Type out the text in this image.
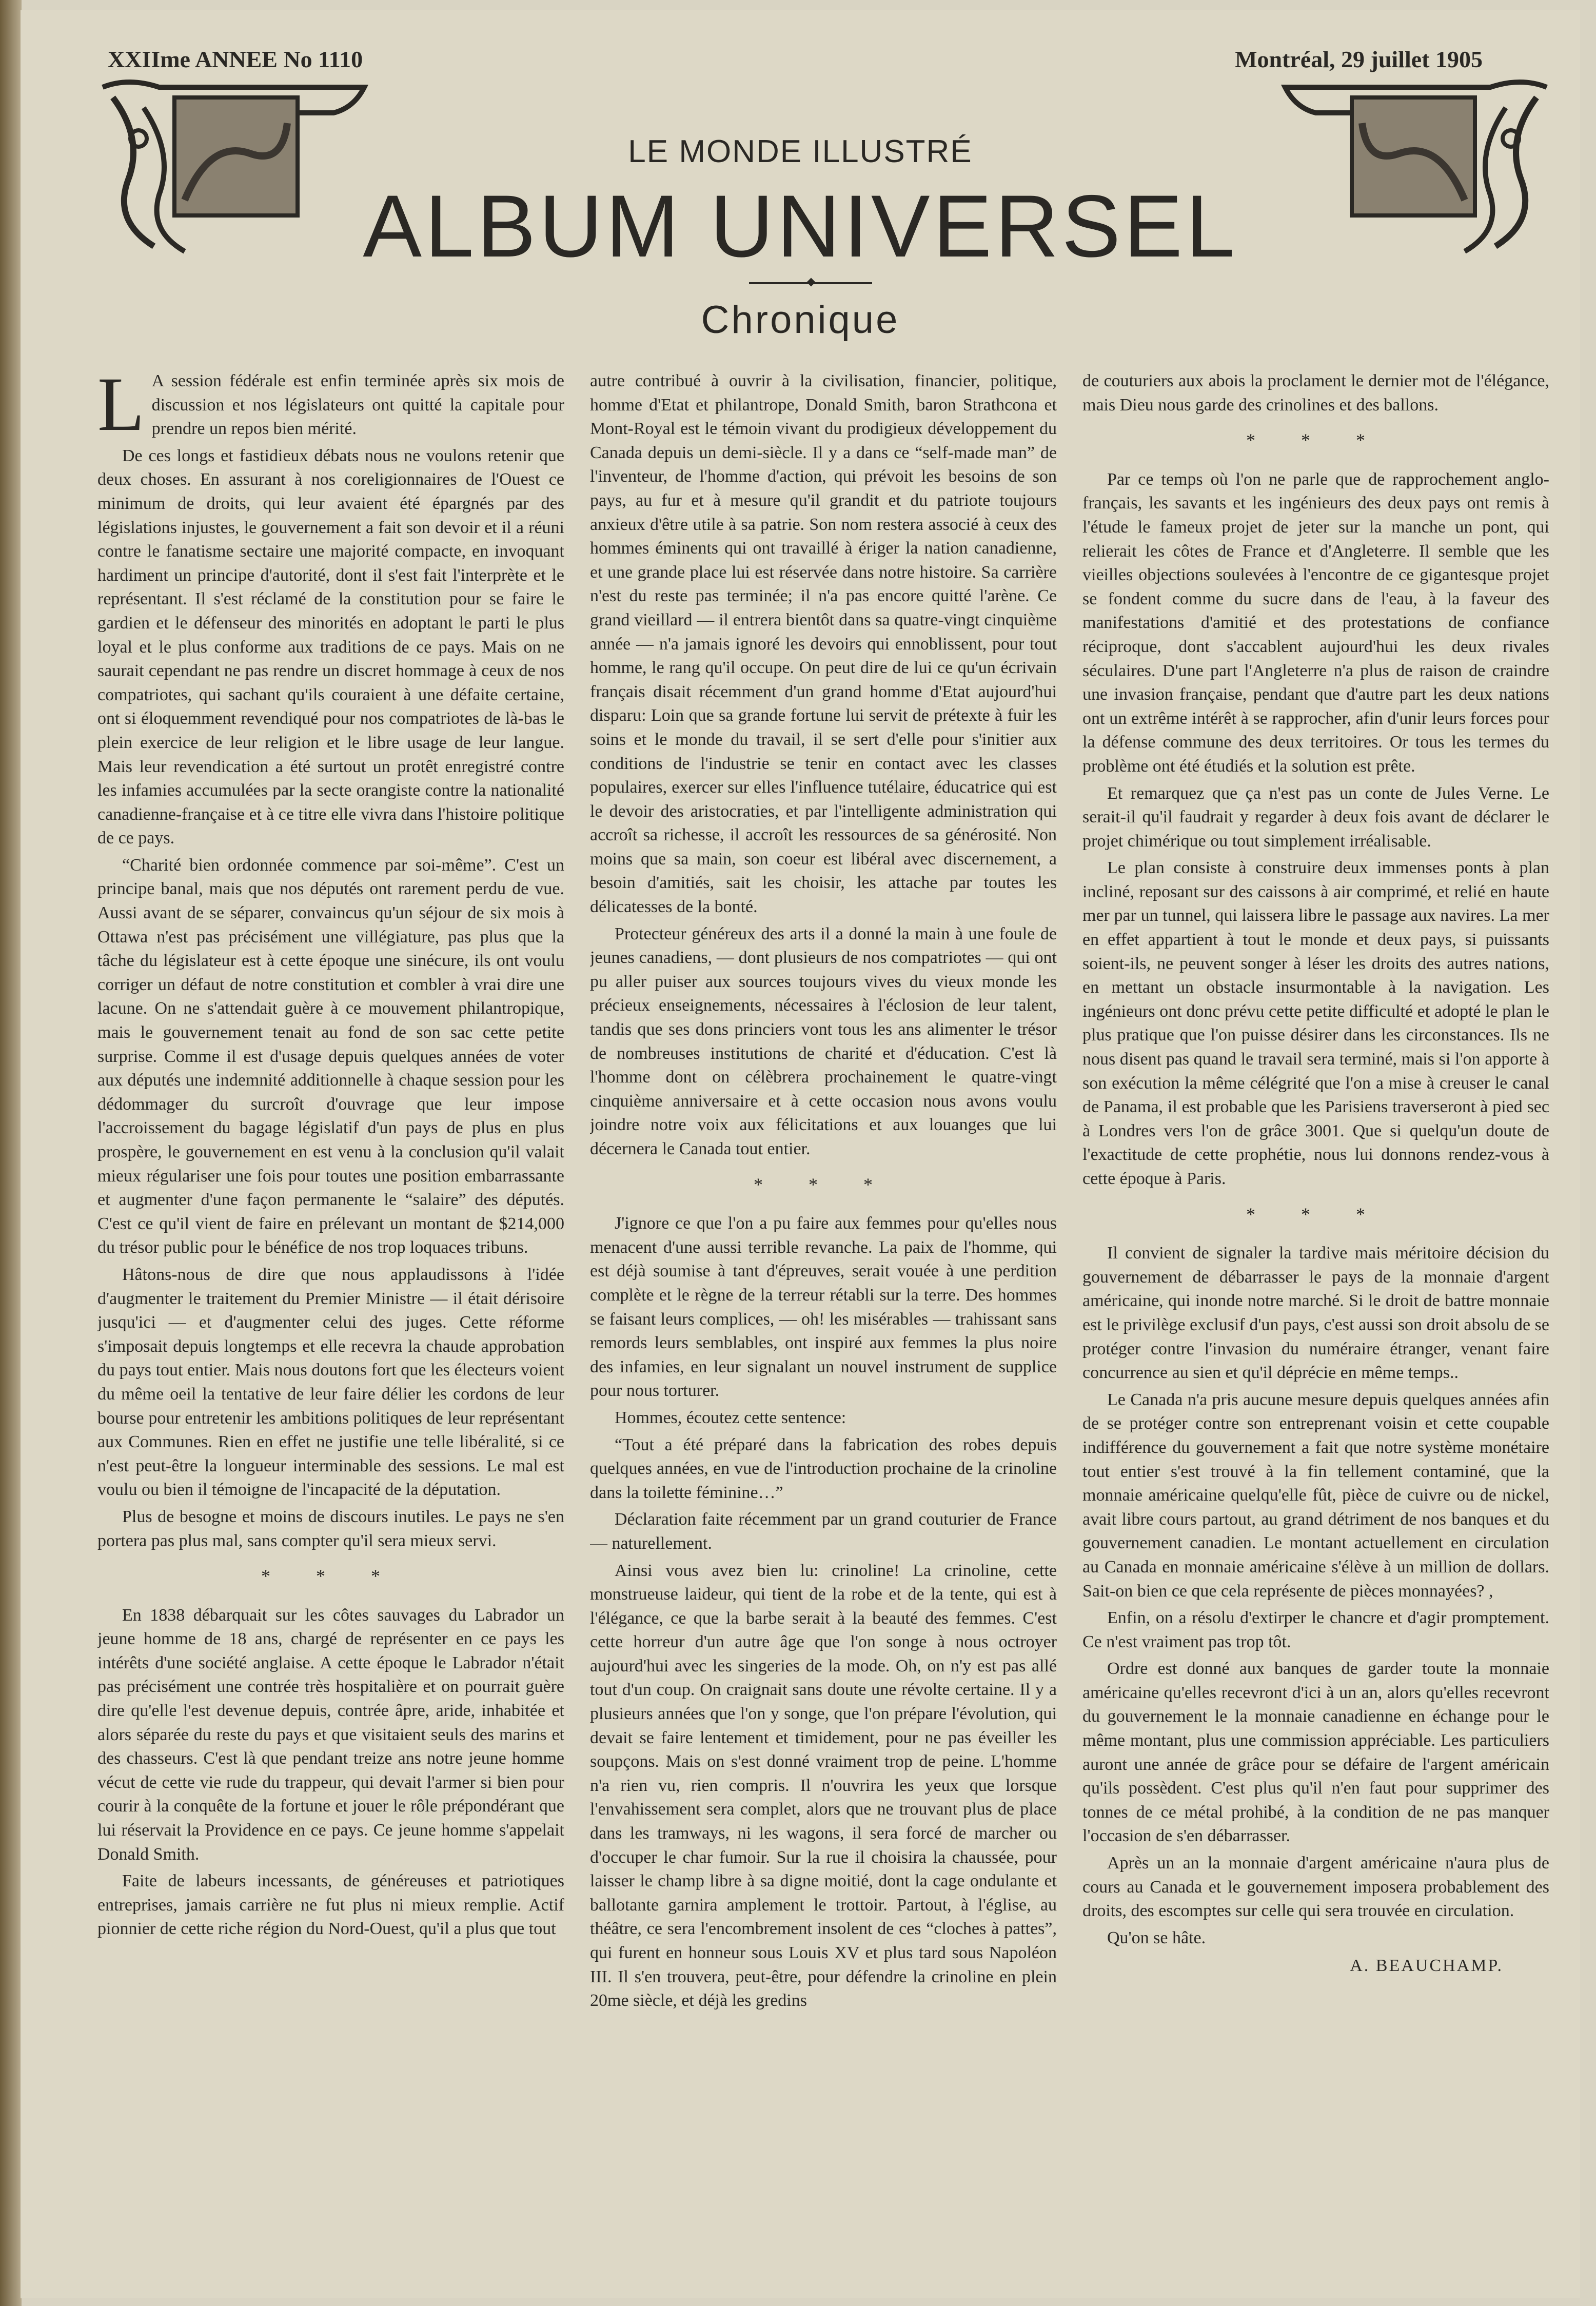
XXIIme ANNEE No 1110	Montréal, 29 juillet 1905
LE MONDE ILLUSTRÉ
ALBUM UNIVERSEL
Chronique
L A session fédérale est enfin terminée après six mois de discussion et nos législateurs ont quitté la capitale pour prendre un repos bien mérité.

De ces longs et fastidieux débats nous ne voulons retenir que deux choses. En assurant à nos coreligionnaires de l'Ouest ce minimum de droits, qui leur avaient été épargnés par des législations injustes, le gouvernement a fait son devoir et il a réuni contre le fanatisme sectaire une majorité compacte, en invoquant hardiment un principe d'autorité, dont il s'est fait l'interprète et le représentant. Il s'est réclamé de la constitution pour se faire le gardien et le défenseur des minorités en adoptant le parti le plus loyal et le plus conforme aux traditions de ce pays. Mais on ne saurait cependant ne pas rendre un discret hommage à ceux de nos compatriotes, qui sachant qu'ils couraient à une défaite certaine, ont si éloquemment revendiqué pour nos compatriotes de là-bas le plein exercice de leur religion et le libre usage de leur langue. Mais leur revendication a été surtout un protêt enregistré contre les infamies accumulées par la secte orangiste contre la nationalité canadienne-française et à ce titre elle vivra dans l'histoire politique de ce pays.

“Charité bien ordonnée commence par soi-même”. C'est un principe banal, mais que nos députés ont rarement perdu de vue. Aussi avant de se séparer, convaincus qu'un séjour de six mois à Ottawa n'est pas précisément une villégiature, pas plus que la tâche du législateur est à cette époque une sinécure, ils ont voulu corriger un défaut de notre constitution et combler à vrai dire une lacune. On ne s'attendait guère à ce mouvement philantropique, mais le gouvernement tenait au fond de son sac cette petite surprise. Comme il est d'usage depuis quelques années de voter aux députés une indemnité additionnelle à chaque session pour les dédommager du surcroît d'ouvrage que leur impose l'accroissement du bagage législatif d'un pays de plus en plus prospère, le gouvernement en est venu à la conclusion qu'il valait mieux régulariser une fois pour toutes une position embarrassante et augmenter d'une façon permanente le “salaire” des députés. C'est ce qu'il vient de faire en prélevant un montant de $214,000 du trésor public pour le bénéfice de nos trop loquaces tribuns.

Hâtons-nous de dire que nous applaudissons à l'idée d'augmenter le traitement du Premier Ministre — il était dérisoire jusqu'ici — et d'augmenter celui des juges. Cette réforme s'imposait depuis longtemps et elle recevra la chaude approbation du pays tout entier. Mais nous doutons fort que les électeurs voient du même oeil la tentative de leur faire délier les cordons de leur bourse pour entretenir les ambitions politiques de leur représentant aux Communes. Rien en effet ne justifie une telle libéralité, si ce n'est peut-être la longueur interminable des sessions. Le mal est voulu ou bien il témoigne de l'incapacité de la députation.

Plus de besogne et moins de discours inutiles. Le pays ne s'en portera pas plus mal, sans compter qu'il sera mieux servi.

* * *

En 1838 débarquait sur les côtes sauvages du Labrador un jeune homme de 18 ans, chargé de représenter en ce pays les intérêts d'une société anglaise. A cette époque le Labrador n'était pas précisément une contrée très hospitalière et on pourrait guère dire qu'elle l'est devenue depuis, contrée âpre, aride, inhabitée et alors séparée du reste du pays et que visitaient seuls des marins et des chasseurs. C'est là que pendant treize ans notre jeune homme vécut de cette vie rude du trappeur, qui devait l'armer si bien pour courir à la conquête de la fortune et jouer le rôle prépondérant que lui réservait la Providence en ce pays. Ce jeune homme s'appelait Donald Smith.

Faite de labeurs incessants, de généreuses et patriotiques entreprises, jamais carrière ne fut plus ni mieux remplie. Actif pionnier de cette riche région du Nord-Ouest, qu'il a plus que tout

autre contribué à ouvrir à la civilisation, financier, politique, homme d'Etat et philantrope, Donald Smith, baron Strathcona et Mont-Royal est le témoin vivant du prodigieux développement du Canada depuis un demi-siècle. Il y a dans ce “self-made man” de l'inventeur, de l'homme d'action, qui prévoit les besoins de son pays, au fur et à mesure qu'il grandit et du patriote toujours anxieux d'être utile à sa patrie. Son nom restera associé à ceux des hommes éminents qui ont travaillé à ériger la nation canadienne, et une grande place lui est réservée dans notre histoire. Sa carrière n'est du reste pas terminée; il n'a pas encore quitté l'arène. Ce grand vieillard — il entrera bientôt dans sa quatre-vingt cinquième année — n'a jamais ignoré les devoirs qui ennoblissent, pour tout homme, le rang qu'il occupe. On peut dire de lui ce qu'un écrivain français disait récemment d'un grand homme d'Etat aujourd'hui disparu: Loin que sa grande fortune lui servit de prétexte à fuir les soins et le monde du travail, il se sert d'elle pour s'initier aux conditions de l'industrie se tenir en contact avec les classes populaires, exercer sur elles l'influence tutélaire, éducatrice qui est le devoir des aristocraties, et par l'intelligente administration qui accroît sa richesse, il accroît les ressources de sa générosité. Non moins que sa main, son coeur est libéral avec discernement, a besoin d'amitiés, sait les choisir, les attache par toutes les délicatesses de la bonté.

Protecteur généreux des arts il a donné la main à une foule de jeunes canadiens, — dont plusieurs de nos compatriotes — qui ont pu aller puiser aux sources toujours vives du vieux monde les précieux enseignements, nécessaires à l'éclosion de leur talent, tandis que ses dons princiers vont tous les ans alimenter le trésor de nombreuses institutions de charité et d'éducation. C'est là l'homme dont on célèbrera prochainement le quatre-vingt cinquième anniversaire et à cette occasion nous avons voulu joindre notre voix aux félicitations et aux louanges que lui décernera le Canada tout entier.

* * *

J'ignore ce que l'on a pu faire aux femmes pour qu'elles nous menacent d'une aussi terrible revanche. La paix de l'homme, qui est déjà soumise à tant d'épreuves, serait vouée à une perdition complète et le règne de la terreur rétabli sur la terre. Des hommes se faisant leurs complices, — oh! les misérables — trahissant sans remords leurs semblables, ont inspiré aux femmes la plus noire des infamies, en leur signalant un nouvel instrument de supplice pour nous torturer.

Hommes, écoutez cette sentence:

“Tout a été préparé dans la fabrication des robes depuis quelques années, en vue de l'introduction prochaine de la crinoline dans la toilette féminine…”

Déclaration faite récemment par un grand couturier de France — naturellement.

Ainsi vous avez bien lu: crinoline! La crinoline, cette monstrueuse laideur, qui tient de la robe et de la tente, qui est à l'élégance, ce que la barbe serait à la beauté des femmes. C'est cette horreur d'un autre âge que l'on songe à nous octroyer aujourd'hui avec les singeries de la mode. Oh, on n'y est pas allé tout d'un coup. On craignait sans doute une révolte certaine. Il y a plusieurs années que l'on y songe, que l'on prépare l'évolution, qui devait se faire lentement et timidement, pour ne pas éveiller les soupçons. Mais on s'est donné vraiment trop de peine. L'homme n'a rien vu, rien compris. Il n'ouvrira les yeux que lorsque l'envahissement sera complet, alors que ne trouvant plus de place dans les tramways, ni les wagons, il sera forcé de marcher ou d'occuper le char fumoir. Sur la rue il choisira la chaussée, pour laisser le champ libre à sa digne moitié, dont la cage ondulante et ballotante garnira amplement le trottoir. Partout, à l'église, au théâtre, ce sera l'encombrement insolent de ces “cloches à pattes”, qui furent en honneur sous Louis XV et plus tard sous Napoléon III. Il s'en trouvera, peut-être, pour défendre la crinoline en plein 20me siècle, et déjà les gredins

de couturiers aux abois la proclament le dernier mot de l'élégance, mais Dieu nous garde des crinolines et des ballons.

* * *

Par ce temps où l'on ne parle que de rapprochement anglo-français, les savants et les ingénieurs des deux pays ont remis à l'étude le fameux projet de jeter sur la manche un pont, qui relierait les côtes de France et d'Angleterre. Il semble que les vieilles objections soulevées à l'encontre de ce gigantesque projet se fondent comme du sucre dans de l'eau, à la faveur des manifestations d'amitié et des protestations de confiance réciproque, dont s'accablent aujourd'hui les deux rivales séculaires. D'une part l'Angleterre n'a plus de raison de craindre une invasion française, pendant que d'autre part les deux nations ont un extrême intérêt à se rapprocher, afin d'unir leurs forces pour la défense commune des deux territoires. Or tous les termes du problème ont été étudiés et la solution est prête.

Et remarquez que ça n'est pas un conte de Jules Verne. Le serait-il qu'il faudrait y regarder à deux fois avant de déclarer le projet chimérique ou tout simplement irréalisable.

Le plan consiste à construire deux immenses ponts à plan incliné, reposant sur des caissons à air comprimé, et relié en haute mer par un tunnel, qui laissera libre le passage aux navires. La mer en effet appartient à tout le monde et deux pays, si puissants soient-ils, ne peuvent songer à léser les droits des autres nations, en mettant un obstacle insurmontable à la navigation. Les ingénieurs ont donc prévu cette petite difficulté et adopté le plan le plus pratique que l'on puisse désirer dans les circonstances. Ils ne nous disent pas quand le travail sera terminé, mais si l'on apporte à son exécution la même célégrité que l'on a mise à creuser le canal de Panama, il est probable que les Parisiens traverseront à pied sec à Londres vers l'on de grâce 3001. Que si quelqu'un doute de l'exactitude de cette prophétie, nous lui donnons rendez-vous à cette époque à Paris.

* * *

Il convient de signaler la tardive mais méritoire décision du gouvernement de débarrasser le pays de la monnaie d'argent américaine, qui inonde notre marché. Si le droit de battre monnaie est le privilège exclusif d'un pays, c'est aussi son droit absolu de se protéger contre l'invasion du numéraire étranger, venant faire concurrence au sien et qu'il déprécie en même temps..

Le Canada n'a pris aucune mesure depuis quelques années afin de se protéger contre son entreprenant voisin et cette coupable indifférence du gouvernement a fait que notre système monétaire tout entier s'est trouvé à la fin tellement contaminé, que la monnaie américaine quelqu'elle fût, pièce de cuivre ou de nickel, avait libre cours partout, au grand détriment de nos banques et du gouvernement canadien. Le montant actuellement en circulation au Canada en monnaie américaine s'élève à un million de dollars. Sait-on bien ce que cela représente de pièces monnayées? ,

Enfin, on a résolu d'extirper le chancre et d'agir promptement. Ce n'est vraiment pas trop tôt.

Ordre est donné aux banques de garder toute la monnaie américaine qu'elles recevront d'ici à un an, alors qu'elles recevront du gouvernement le la monnaie canadienne en échange pour le même montant, plus une commission appréciable. Les particuliers auront une année de grâce pour se défaire de l'argent américain qu'ils possèdent. C'est plus qu'il n'en faut pour supprimer des tonnes de ce métal prohibé, à la condition de ne pas manquer l'occasion de s'en débarrasser.

Après un an la monnaie d'argent américaine n'aura plus de cours au Canada et le gouvernement imposera probablement des droits, des escomptes sur celle qui sera trouvée en circulation.

Qu'on se hâte.

A. BEAUCHAMP.
